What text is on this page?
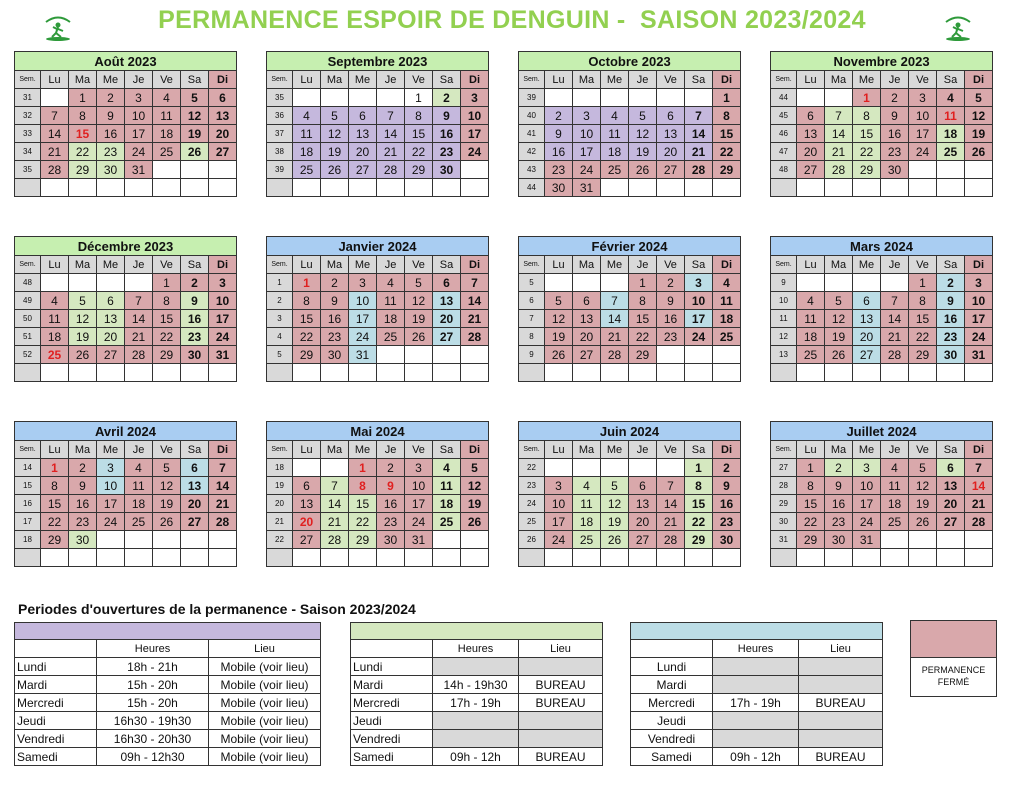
PERMANENCE ESPOIR DE DENGUIN -  SAISON 2023/2024
Août 2023							
Sem.	Lu	Ma	Me	Je	Ve	Sa	Di
31		1	2	3	4	5	6
32	7	8	9	10	11	12	13
33	14	15	16	17	18	19	20
34	21	22	23	24	25	26	27
35	28	29	30	31			

Septembre 2023							
Sem.	Lu	Ma	Me	Je	Ve	Sa	Di
35					1	2	3
36	4	5	6	7	8	9	10
37	11	12	13	14	15	16	17
38	18	19	20	21	22	23	24
39	25	26	27	28	29	30	

Octobre 2023							
Sem.	Lu	Ma	Me	Je	Ve	Sa	Di
39							1
40	2	3	4	5	6	7	8
41	9	10	11	12	13	14	15
42	16	17	18	19	20	21	22
43	23	24	25	26	27	28	29
44	30	31					
Novembre 2023							
Sem.	Lu	Ma	Me	Je	Ve	Sa	Di
44			1	2	3	4	5
45	6	7	8	9	10	11	12
46	13	14	15	16	17	18	19
47	20	21	22	23	24	25	26
48	27	28	29	30			

Décembre 2023							
Sem.	Lu	Ma	Me	Je	Ve	Sa	Di
48					1	2	3
49	4	5	6	7	8	9	10
50	11	12	13	14	15	16	17
51	18	19	20	21	22	23	24
52	25	26	27	28	29	30	31

Janvier 2024							
Sem.	Lu	Ma	Me	Je	Ve	Sa	Di
1	1	2	3	4	5	6	7
2	8	9	10	11	12	13	14
3	15	16	17	18	19	20	21
4	22	23	24	25	26	27	28
5	29	30	31				

Février 2024							
Sem.	Lu	Ma	Me	Je	Ve	Sa	Di
5				1	2	3	4
6	5	6	7	8	9	10	11
7	12	13	14	15	16	17	18
8	19	20	21	22	23	24	25
9	26	27	28	29			

Mars 2024							
Sem.	Lu	Ma	Me	Je	Ve	Sa	Di
9					1	2	3
10	4	5	6	7	8	9	10
11	11	12	13	14	15	16	17
12	18	19	20	21	22	23	24
13	25	26	27	28	29	30	31

Avril 2024							
Sem.	Lu	Ma	Me	Je	Ve	Sa	Di
14	1	2	3	4	5	6	7
15	8	9	10	11	12	13	14
16	15	16	17	18	19	20	21
17	22	23	24	25	26	27	28
18	29	30					

Mai 2024							
Sem.	Lu	Ma	Me	Je	Ve	Sa	Di
18			1	2	3	4	5
19	6	7	8	9	10	11	12
20	13	14	15	16	17	18	19
21	20	21	22	23	24	25	26
22	27	28	29	30	31		

Juin 2024							
Sem.	Lu	Ma	Me	Je	Ve	Sa	Di
22						1	2
23	3	4	5	6	7	8	9
24	10	11	12	13	14	15	16
25	17	18	19	20	21	22	23
26	24	25	26	27	28	29	30

Juillet 2024							
Sem.	Lu	Ma	Me	Je	Ve	Sa	Di
27	1	2	3	4	5	6	7
28	8	9	10	11	12	13	14
29	15	16	17	18	19	20	21
30	22	23	24	25	26	27	28
31	29	30	31				

Periodes d'ouvertures de la permanence - Saison 2023/2024

	Heures	Lieu
Lundi	18h - 21h	Mobile (voir lieu)
Mardi	15h - 20h	Mobile (voir lieu)
Mercredi	15h - 20h	Mobile (voir lieu)
Jeudi	16h30 - 19h30	Mobile (voir lieu)
Vendredi	16h30 - 20h30	Mobile (voir lieu)
Samedi	09h - 12h30	Mobile (voir lieu)

	Heures	Lieu
Lundi		
Mardi	14h - 19h30	BUREAU
Mercredi	17h - 19h	BUREAU
Jeudi		
Vendredi		
Samedi	09h - 12h	BUREAU

	Heures	Lieu
Lundi		
Mardi		
Mercredi	17h - 19h	BUREAU
Jeudi		
Vendredi		
Samedi	09h - 12h	BUREAU
PERMANENCE
FERMÉ
